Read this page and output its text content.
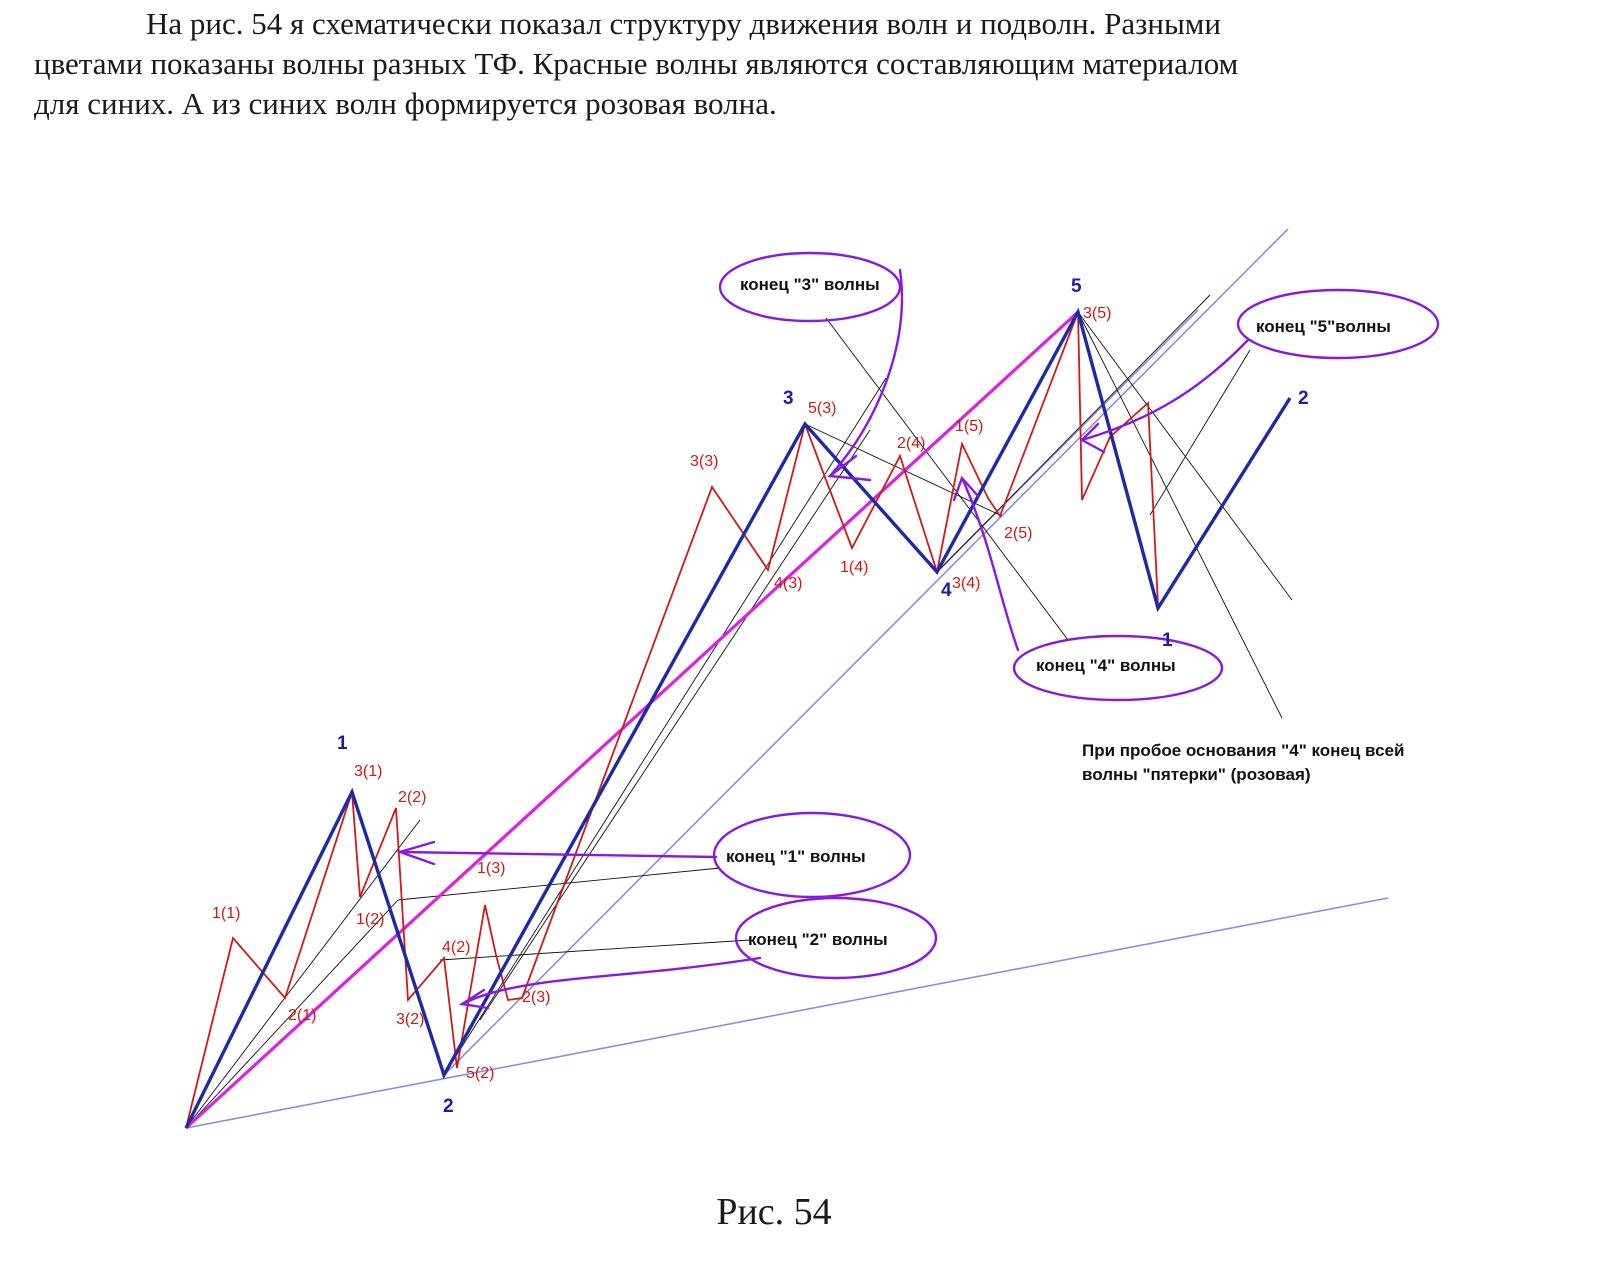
На рис. 54 я схематически показал структуру движения волн и подволн. Разными
цветами показаны волны разных ТФ. Красные волны являются составляющим материалом
для синих. А из синих волн формируется розовая волна.

1
2
3
4
5
1
2
1(1)
2(1)
3(1)
2(2)
1(2)
3(2)
4(2)
5(2)
1(3)
2(3)
3(3)
4(3)
5(3)
1(4)
2(4)
3(4)
1(5)
2(5)
3(5)
конец "1" волны
конец "2" волны
конец "3" волны
конец "4" волны
конец "5"волны
При пробое основания "4" конец всей
волны "пятерки" (розовая)
Рис. 54
